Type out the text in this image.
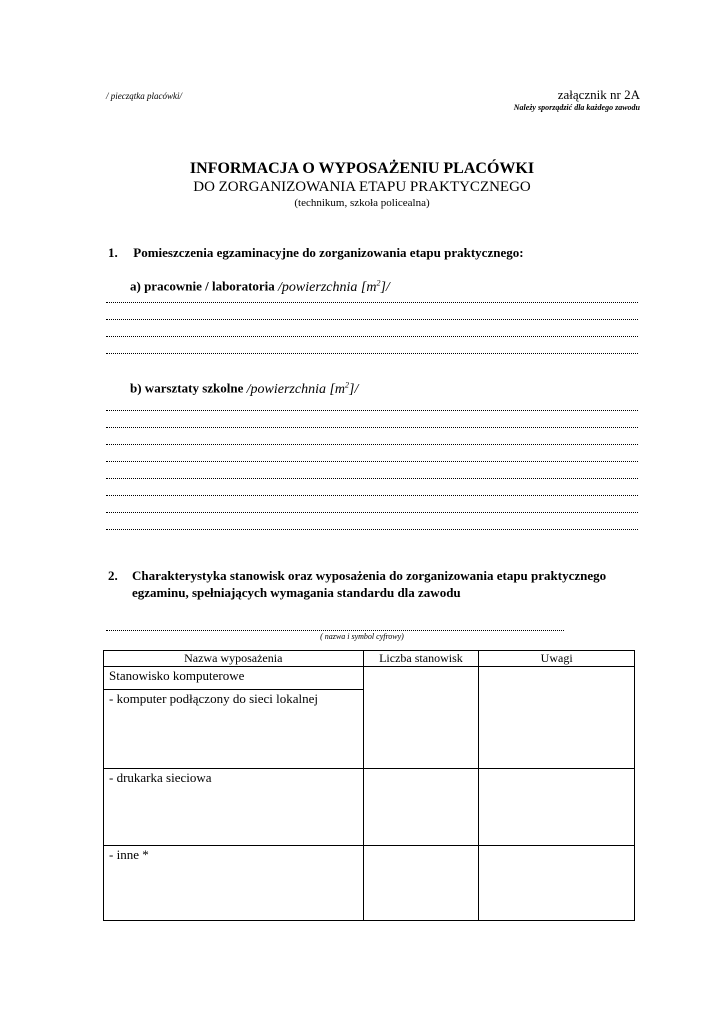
/ pieczątka placówki/	załącznik nr 2A
Należy sporządzić dla każdego zawodu
INFORMACJA O WYPOSAŻENIU PLACÓWKI
DO ZORGANIZOWANIA ETAPU PRAKTYCZNEGO
(technikum, szkoła policealna)
1. Pomieszczenia egzaminacyjne do zorganizowania etapu praktycznego:
a) pracownie / laboratoria /powierzchnia $[m^2]/$
b) warsztaty szkolne /powierzchnia $[m^2]/$
2. Charakterystyka stanowisk oraz wyposażenia do zorganizowania etapu praktycznego egzaminu, spełniających wymagania standardu dla zawodu
( nazwa i symbol cyfrowy)
Nazwa wyposażenia	Liczba stanowisk	Uwagi
Stanowisko komputerowe		
- komputer podłączony do sieci lokalnej		
- drukarka sieciowa		
- inne *		
